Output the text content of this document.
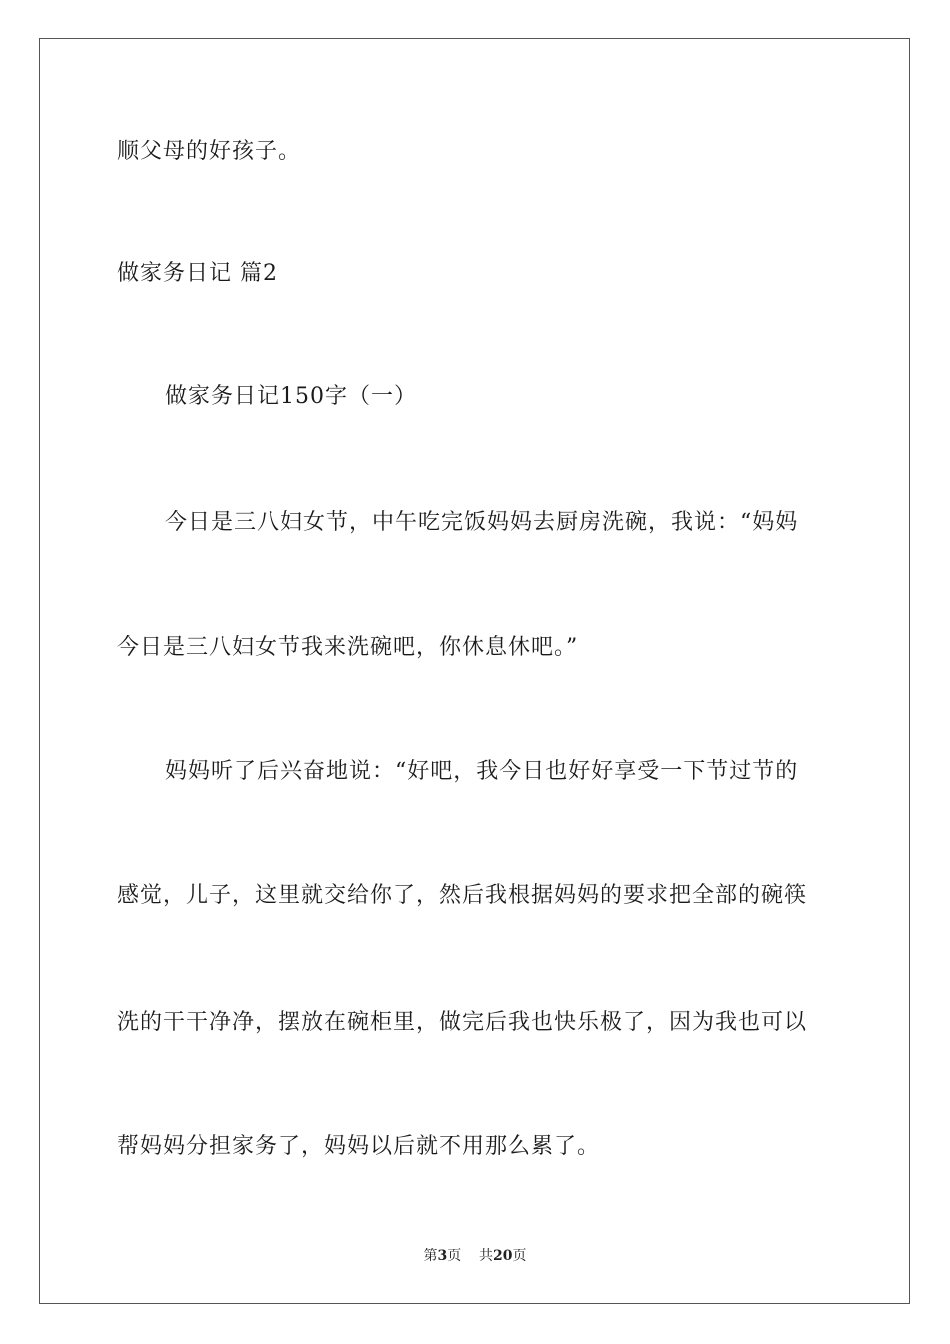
顺父母的好孩子。
做家务日记 篇2
做家务日记150字（一）
今日是三八妇女节，中午吃完饭妈妈去厨房洗碗，我说：“妈妈
今日是三八妇女节我来洗碗吧，你休息休吧。”
妈妈听了后兴奋地说：“好吧，我今日也好好享受一下节过节的
感觉，儿子，这里就交给你了，然后我根据妈妈的要求把全部的碗筷
洗的干干净净，摆放在碗柜里，做完后我也快乐极了，因为我也可以
帮妈妈分担家务了，妈妈以后就不用那么累了。
第3页 共20页
